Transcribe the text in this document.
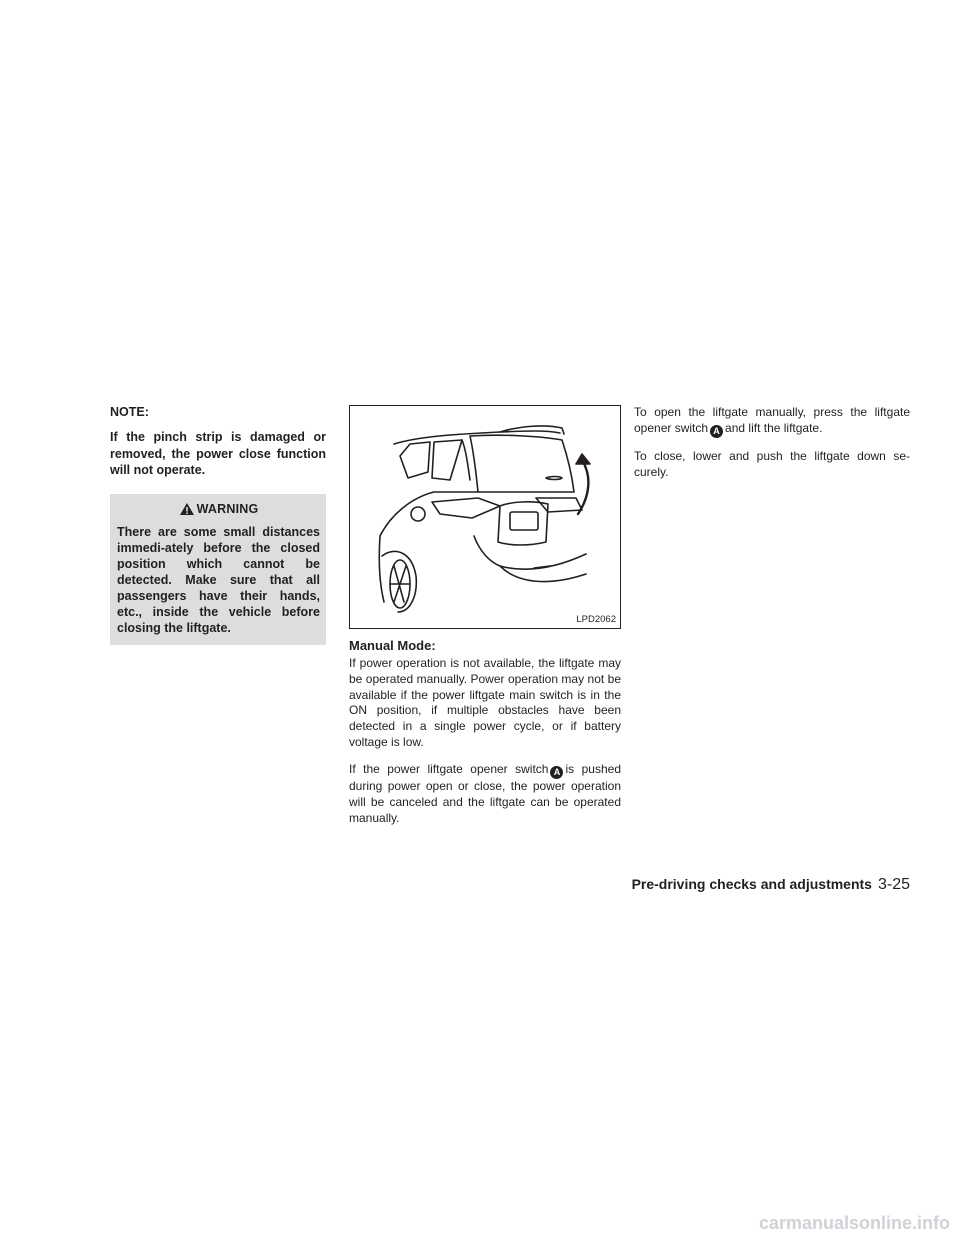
NOTE:

If the pinch strip is damaged or removed, the power close function will not operate.

WARNING

There are some small distances immedi-ately before the closed position which cannot be detected. Make sure that all passengers have their hands, etc., inside the vehicle before closing the liftgate.

LPD2062

Manual Mode:

If power operation is not available, the liftgate may be operated manually. Power operation may not be available if the power liftgate main switch is in the ON position, if multiple obstacles have been detected in a single power cycle, or if battery voltage is low.

If the power liftgate opener switch A is pushed during power open or close, the power operation will be canceled and the liftgate can be operated manually.

To open the liftgate manually, press the liftgate opener switch A and lift the liftgate.

To close, lower and push the liftgate down se-curely.

Pre-driving checks and adjustments 3-25
carmanualsonline.info
